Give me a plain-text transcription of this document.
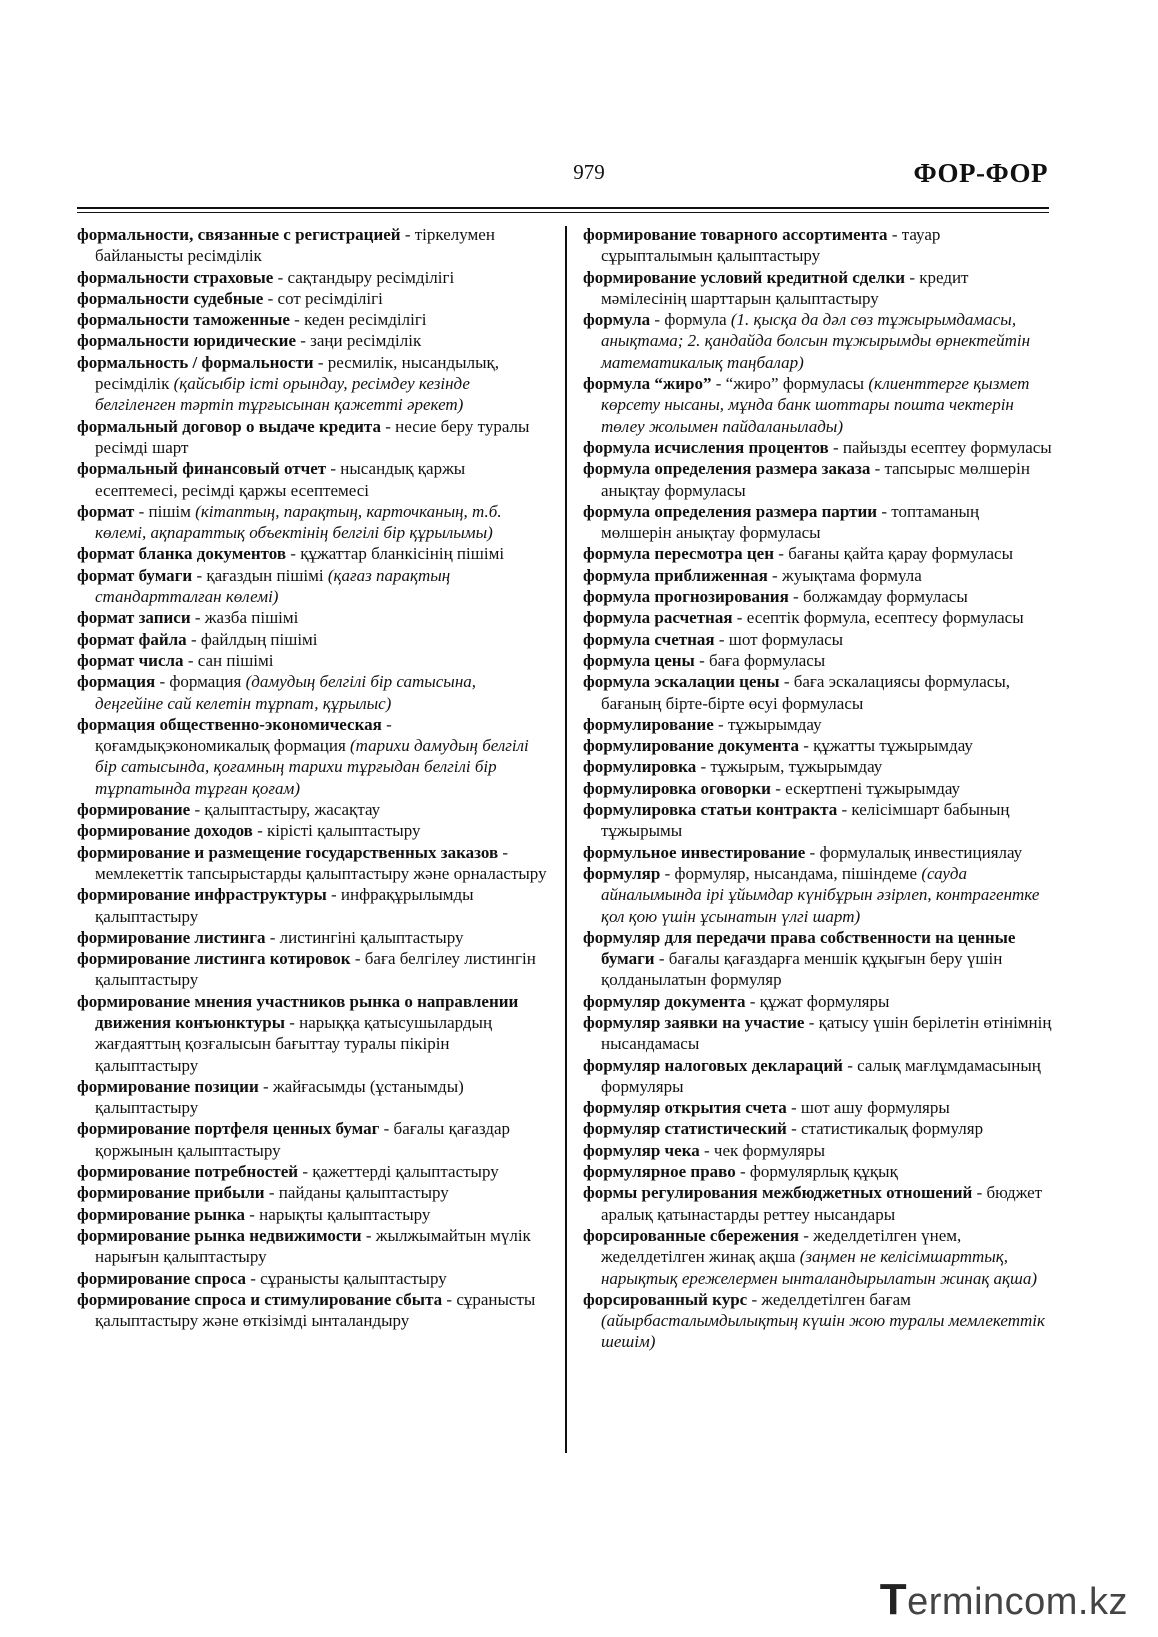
979	ФОР-ФОР

формальности, связанные с регистрацией - тіркелумен байланысты ресімділік

формальности страховые - сақтандыру ресімділігі

формальности судебные - сот ресімділігі

формальности таможенные - кеден ресімділігі

формальности юридические - заңи ресімділік

формальность / формальности - ресмилік, нысандылық, ресімділік (қайсыбір істі орындау, ресімдеу кезінде белгіленген тәртіп тұрғысынан қажетті әрекет)

формальный договор о выдаче кредита - несие беру туралы ресімді шарт

формальный финансовый отчет - нысандық қаржы есептемесі, ресімді қаржы есептемесі

формат - пішім (кітаптың, парақтың, карточканың, т.б. көлемі, ақпараттық объектінің белгілі бір құрылымы)

формат бланка документов - құжаттар бланкісінің пішімі

формат бумаги - қағаздын пішімі (қағаз парақтың стандартталған көлемі)

формат записи - жазба пішімі

формат файла - файлдың пішімі

формат числа - сан пішімі

формация - формация (дамудың белгілі бір сатысына, деңгейіне сай келетін тұрпат, құрылыс)

формация общественно-экономическая - қоғамдықэкономикалық формация (тарихи дамудың белгілі бір сатысында, қоғамның тарихи тұрғыдан белгілі бір тұрпатында тұрған қоғам)

формирование - қалыптастыру, жасақтау

формирование доходов - кірісті қалыптастыру

формирование и размещение государственных заказов - мемлекеттік тапсырыстарды қалыптастыру және орналастыру

формирование инфраструктуры - инфрақұрылымды қалыптастыру

формирование листинга - листингіні қалыптастыру

формирование листинга котировок - баға белгілеу листингін қалыптастыру

формирование мнения участников рынка о направлении движения конъюнктуры - нарыққа қатысушылардың жағдаяттың қозғалысын бағыттау туралы пікірін қалыптастыру

формирование позиции - жайғасымды (ұстанымды) қалыптастыру

формирование портфеля ценных бумаг - бағалы қағаздар қоржынын қалыптастыру

формирование потребностей - қажеттерді қалыптастыру

формирование прибыли - пайданы қалыптастыру

формирование рынка - нарықты қалыптастыру

формирование рынка недвижимости - жылжымайтын мүлік нарығын қалыптастыру

формирование спроса - сұранысты қалыптастыру

формирование спроса и стимулирование сбыта - сұранысты қалыптастыру және өткізімді ынталандыру

формирование товарного ассортимента - тауар сұрыпталымын қалыптастыру

формирование условий кредитной сделки - кредит мәмілесінің шарттарын қалыптастыру

формула - формула (1. қысқа да дәл сөз тұжырымдамасы, анықтама; 2. қандайда болсын тұжырымды өрнектейтін математикалық таңбалар)

формула “жиро” - “жиро” формуласы (клиенттерге қызмет көрсету нысаны, мұнда банк шоттары пошта чектерін төлеу жолымен пайдаланылады)

формула исчисления процентов - пайызды есептеу формуласы

формула определения размера заказа - тапсырыс мөлшерін анықтау формуласы

формула определения размера партии - топтаманың мөлшерін анықтау формуласы

формула пересмотра цен - бағаны қайта қарау формуласы

формула приближенная - жуықтама формула

формула прогнозирования - болжамдау формуласы

формула расчетная - есептік формула, есептесу формуласы

формула счетная - шот формуласы

формула цены - баға формуласы

формула эскалации цены - баға эскалациясы формуласы, бағаның бірте-бірте өсуі формуласы

формулирование - тұжырымдау

формулирование документа - құжатты тұжырымдау

формулировка - тұжырым, тұжырымдау

формулировка оговорки - ескертпені тұжырымдау

формулировка статьи контракта - келісімшарт бабының тұжырымы

формульное инвестирование - формулалық инвестициялау

формуляр - формуляр, нысандама, пішіндеме (сауда айналымында ірі ұйымдар күнібұрын әзірлеп, контрагентке қол қою үшін ұсынатын үлгі шарт)

формуляр для передачи права собственности на ценные бумаги - бағалы қағаздарға меншік құқығын беру үшін қолданылатын формуляр

формуляр документа - құжат формуляры

формуляр заявки на участие - қатысу үшін берілетін өтінімнің нысандамасы

формуляр налоговых деклараций - салық мағлұмдамасының формуляры

формуляр открытия счета - шот ашу формуляры

формуляр статистический - статистикалық формуляр

формуляр чека - чек формуляры

формулярное право - формулярлық құқық

формы регулирования межбюджетных отношений - бюджет аралық қатынастарды реттеу нысандары

форсированные сбережения - жеделдетілген үнем, жеделдетілген жинақ ақша (заңмен не келісімшарттық, нарықтық ережелермен ынталандырылатын жинақ ақша)

форсированный курс - жеделдетілген бағам (айырбасталымдылықтың күшін жою туралы мемлекеттік шешім)

Termincom.kz
